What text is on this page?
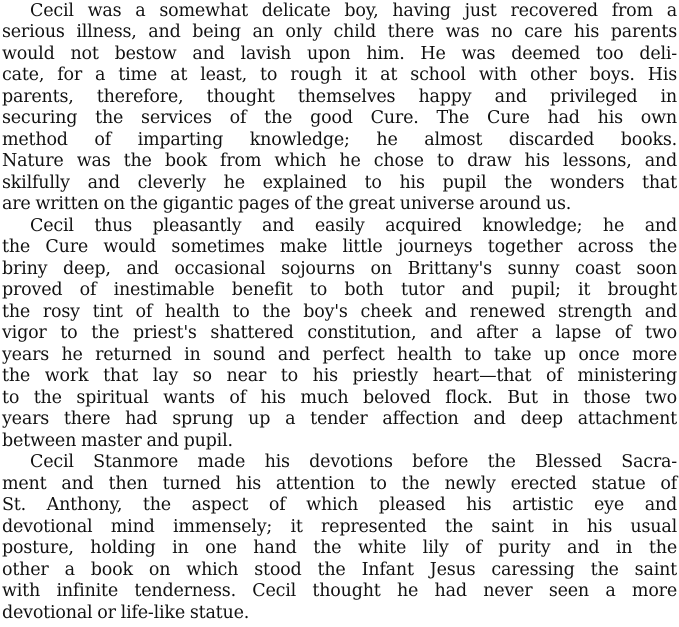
Cecil was a somewhat delicate boy, having just recovered from a
serious illness, and being an only child there was no care his parents
would not bestow and lavish upon him. He was deemed too deli-
cate, for a time at least, to rough it at school with other boys. His
parents, therefore, thought themselves happy and privileged in
securing the services of the good Cure. The Cure had his own
method of imparting knowledge; he almost discarded books.
Nature was the book from which he chose to draw his lessons, and
skilfully and cleverly he explained to his pupil the wonders that
are written on the gigantic pages of the great universe around us.
Cecil thus pleasantly and easily acquired knowledge; he and
the Cure would sometimes make little journeys together across the
briny deep, and occasional sojourns on Brittany's sunny coast soon
proved of inestimable benefit to both tutor and pupil; it brought
the rosy tint of health to the boy's cheek and renewed strength and
vigor to the priest's shattered constitution, and after a lapse of two
years he returned in sound and perfect health to take up once more
the work that lay so near to his priestly heart—that of ministering
to the spiritual wants of his much beloved flock. But in those two
years there had sprung up a tender affection and deep attachment
between master and pupil.
Cecil Stanmore made his devotions before the Blessed Sacra-
ment and then turned his attention to the newly erected statue of
St. Anthony, the aspect of which pleased his artistic eye and
devotional mind immensely; it represented the saint in his usual
posture, holding in one hand the white lily of purity and in the
other a book on which stood the Infant Jesus caressing the saint
with infinite tenderness. Cecil thought he had never seen a more
devotional or life-like statue.
